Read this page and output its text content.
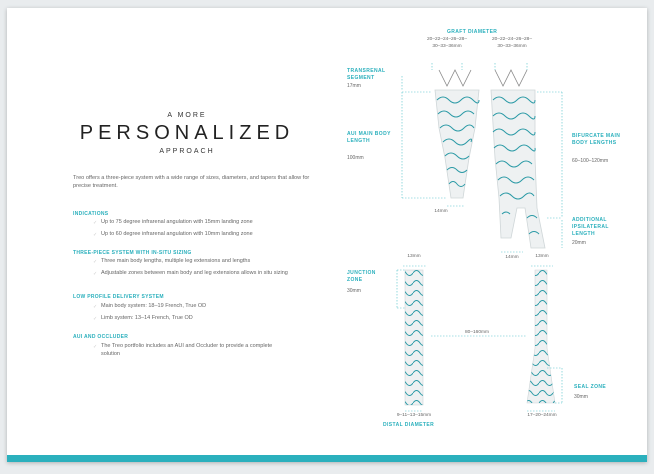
A MORE
PERSONALIZED
APPROACH
Treo offers a three-piece system with a wide range of sizes, diameters, and tapers that allow for precise treatment.
INDICATIONS
✓ Up to 75 degree infrarenal angulation with 15mm landing zone
✓ Up to 60 degree infrarenal angulation with 10mm landing zone
THREE-PIECE SYSTEM WITH IN-SITU SIZING
✓ Three main body lengths, multiple leg extensions and lengths
✓ Adjustable zones between main body and leg extensions allows in situ sizing
LOW PROFILE DELIVERY SYSTEM
✓ Main body system: 18–19 French, True OD
✓ Limb system: 13–14 French, True OD
AUI AND OCCLUDER
✓ The Treo portfolio includes an AUI and Occluder to provide a complete solution
GRAFT DIAMETER
20–22–24–26–28–
30–33–36mm
20–22–24–26–28–
30–33–36mm
TRANSRENAL SEGMENT
17mm
AUI MAIN BODY LENGTH
100mm
BIFURCATE MAIN BODY LENGTHS
60–100–120mm
14mm
14mm
ADDITIONAL IPSILATERAL LENGTH
20mm
13mm	13mm
JUNCTION ZONE
30mm
80–160mm
SEAL ZONE
30mm
9–11–13–15mm	17–20–24mm
DISTAL DIAMETER
